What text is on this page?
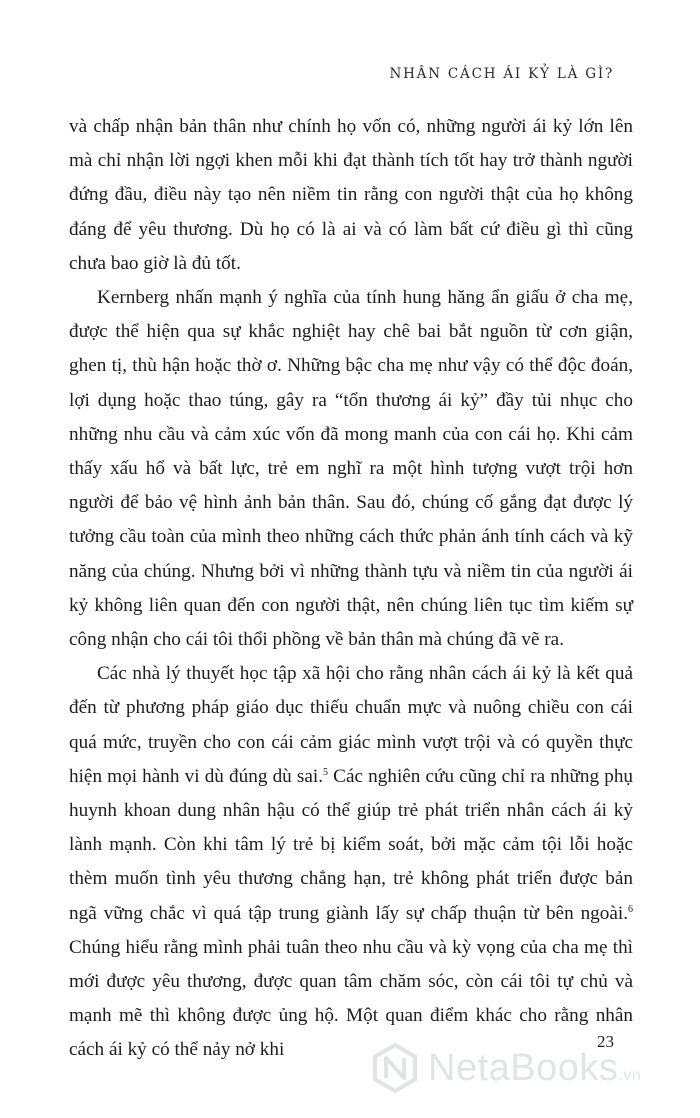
NHÂN CÁCH ÁI KỶ LÀ GÌ?

và chấp nhận bản thân như chính họ vốn có, những người ái kỷ lớn lên mà chỉ nhận lời ngợi khen mỗi khi đạt thành tích tốt hay trở thành người đứng đầu, điều này tạo nên niềm tin rằng con người thật của họ không đáng để yêu thương. Dù họ có là ai và có làm bất cứ điều gì thì cũng chưa bao giờ là đủ tốt.

Kernberg nhấn mạnh ý nghĩa của tính hung hăng ẩn giấu ở cha mẹ, được thể hiện qua sự khắc nghiệt hay chê bai bắt nguồn từ cơn giận, ghen tị, thù hận hoặc thờ ơ. Những bậc cha mẹ như vậy có thể độc đoán, lợi dụng hoặc thao túng, gây ra “tổn thương ái kỷ” đầy tủi nhục cho những nhu cầu và cảm xúc vốn đã mong manh của con cái họ. Khi cảm thấy xấu hổ và bất lực, trẻ em nghĩ ra một hình tượng vượt trội hơn người để bảo vệ hình ảnh bản thân. Sau đó, chúng cố gắng đạt được lý tưởng cầu toàn của mình theo những cách thức phản ánh tính cách và kỹ năng của chúng. Nhưng bởi vì những thành tựu và niềm tin của người ái kỷ không liên quan đến con người thật, nên chúng liên tục tìm kiếm sự công nhận cho cái tôi thổi phồng về bản thân mà chúng đã vẽ ra.

Các nhà lý thuyết học tập xã hội cho rằng nhân cách ái kỷ là kết quả đến từ phương pháp giáo dục thiếu chuẩn mực và nuông chiều con cái quá mức, truyền cho con cái cảm giác mình vượt trội và có quyền thực hiện mọi hành vi dù đúng dù sai.$^5$ Các nghiên cứu cũng chỉ ra những phụ huynh khoan dung nhân hậu có thể giúp trẻ phát triển nhân cách ái kỷ lành mạnh. Còn khi tâm lý trẻ bị kiểm soát, bởi mặc cảm tội lỗi hoặc thèm muốn tình yêu thương chẳng hạn, trẻ không phát triển được bản ngã vững chắc vì quá tập trung giành lấy sự chấp thuận từ bên ngoài.$^6$ Chúng hiểu rằng mình phải tuân theo nhu cầu và kỳ vọng của cha mẹ thì mới được yêu thương, được quan tâm chăm sóc, còn cái tôi tự chủ và mạnh mẽ thì không được ủng hộ. Một quan điểm khác cho rằng nhân cách ái kỷ có thể nảy nở khi	23
NetaBooks.vn
